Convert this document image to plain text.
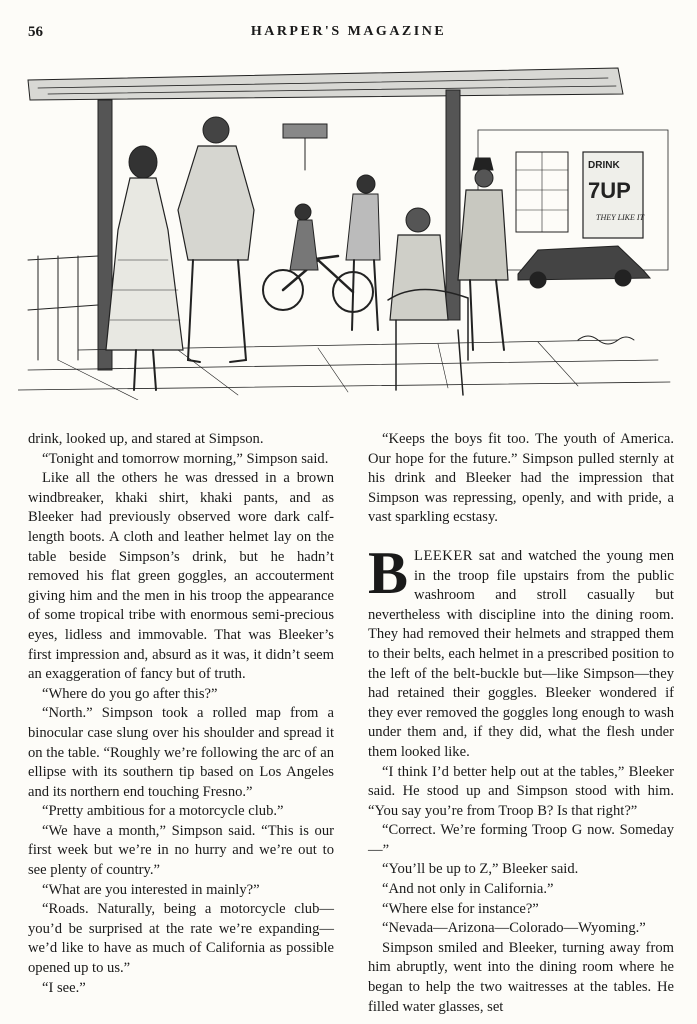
56	HARPER'S MAGAZINE
DRINK
7UP
THEY LIKE IT

drink, looked up, and stared at Simpson.

“Tonight and tomorrow morning,” Simpson said.

Like all the others he was dressed in a brown windbreaker, khaki shirt, khaki pants, and as Bleeker had previously observed wore dark calf-length boots. A cloth and leather helmet lay on the table beside Simpson’s drink, but he hadn’t removed his flat green goggles, an accouterment giving him and the men in his troop the appearance of some tropical tribe with enormous semi-precious eyes, lidless and immovable. That was Bleeker’s first impression and, absurd as it was, it didn’t seem an exaggeration of fancy but of truth.

“Where do you go after this?”

“North.” Simpson took a rolled map from a binocular case slung over his shoulder and spread it on the table. “Roughly we’re following the arc of an ellipse with its southern tip based on Los Angeles and its northern end touching Fresno.”

“Pretty ambitious for a motorcycle club.”

“We have a month,” Simpson said. “This is our first week but we’re in no hurry and we’re out to see plenty of country.”

“What are you interested in mainly?”

“Roads. Naturally, being a motorcycle club—you’d be surprised at the rate we’re expanding—we’d like to have as much of California as possible opened up to us.”

“I see.”

“Keeps the boys fit too. The youth of America. Our hope for the future.” Simpson pulled sternly at his drink and Bleeker had the impression that Simpson was repressing, openly, and with pride, a vast sparkling ecstasy.

BLEEKER sat and watched the young men in the troop file upstairs from the public washroom and stroll casually but nevertheless with discipline into the dining room. They had removed their helmets and strapped them to their belts, each helmet in a prescribed position to the left of the belt-buckle but—like Simpson—they had retained their goggles. Bleeker wondered if they ever removed the goggles long enough to wash under them and, if they did, what the flesh under them looked like.

“I think I’d better help out at the tables,” Bleeker said. He stood up and Simpson stood with him. “You say you’re from Troop B? Is that right?”

“Correct. We’re forming Troop G now. Someday—”

“You’ll be up to Z,” Bleeker said.

“And not only in California.”

“Where else for instance?”

“Nevada—Arizona—Colorado—Wyoming.”

Simpson smiled and Bleeker, turning away from him abruptly, went into the dining room where he began to help the two waitresses at the tables. He filled water glasses, set
